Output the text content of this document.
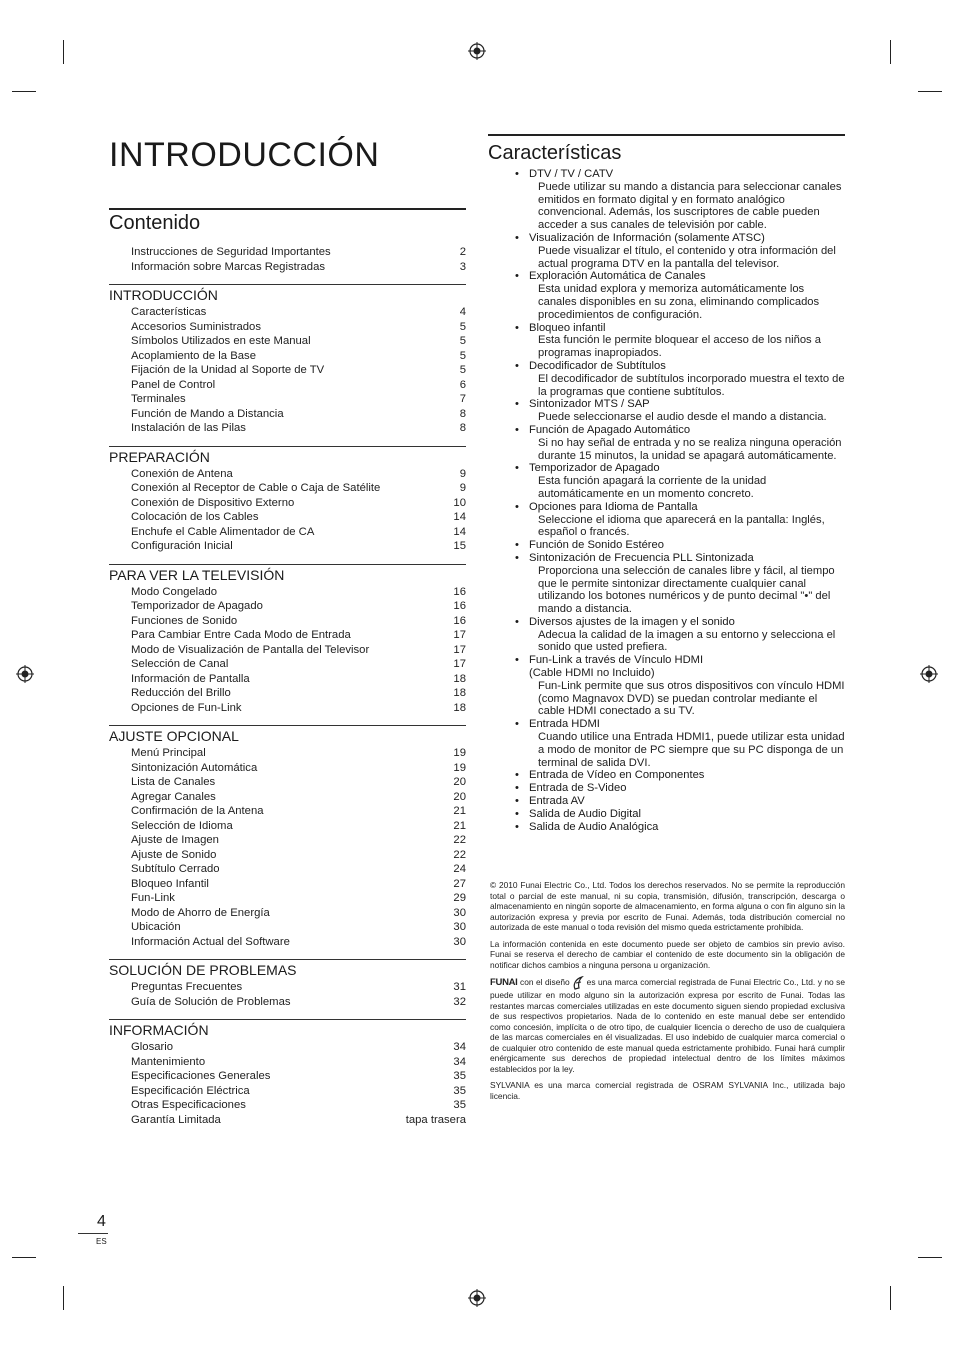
INTRODUCCIÓN
Contenido
Instrucciones de Seguridad Importantes	2
Información sobre Marcas Registradas	3
INTRODUCCIÓN
Características	4
Accesorios Suministrados	5
Símbolos Utilizados en este Manual	5
Acoplamiento de la Base	5
Fijación de la Unidad al Soporte de TV	5
Panel de Control	6
Terminales	7
Función de Mando a Distancia	8
Instalación de las Pilas	8
PREPARACIÓN
Conexión de Antena	9
Conexión al Receptor de Cable o Caja de Satélite	9
Conexión de Dispositivo Externo	10
Colocación de los Cables	14
Enchufe el Cable Alimentador de CA	14
Configuración Inicial	15
PARA VER LA TELEVISIÓN
Modo Congelado	16
Temporizador de Apagado	16
Funciones de Sonido	16
Para Cambiar Entre Cada Modo de Entrada	17
Modo de Visualización de Pantalla del Televisor	17
Selección de Canal	17
Información de Pantalla	18
Reducción del Brillo	18
Opciones de Fun-Link	18
AJUSTE OPCIONAL
Menú Principal	19
Sintonización Automática	19
Lista de Canales	20
Agregar Canales	20
Confirmación de la Antena	21
Selección de Idioma	21
Ajuste de Imagen	22
Ajuste de Sonido	22
Subtítulo Cerrado	24
Bloqueo Infantil	27
Fun-Link	29
Modo de Ahorro de Energía	30
Ubicación	30
Información Actual del Software	30
SOLUCIÓN DE PROBLEMAS
Preguntas Frecuentes	31
Guía de Solución de Problemas	32
INFORMACIÓN
Glosario	34
Mantenimiento	34
Especificaciones Generales	35
Especificación Eléctrica	35
Otras Especificaciones	35
Garantía Limitada	tapa trasera
Características
• DTV / TV / CATV
Puede utilizar su mando a distancia para seleccionar canales emitidos en formato digital y en formato analógico convencional. Además, los suscriptores de cable pueden acceder a sus canales de televisión por cable.
• Visualización de Información (solamente ATSC)
Puede visualizar el título, el contenido y otra información del actual programa DTV en la pantalla del televisor.
• Exploración Automática de Canales
Esta unidad explora y memoriza automáticamente los canales disponibles en su zona, eliminando complicados procedimientos de configuración.
• Bloqueo infantil
Esta función le permite bloquear el acceso de los niños a programas inapropiados.
• Decodificador de Subtítulos
El decodificador de subtítulos incorporado muestra el texto de la programas que contiene subtítulos.
• Sintonizador MTS / SAP
Puede seleccionarse el audio desde el mando a distancia.
• Función de Apagado Automático
Si no hay señal de entrada y no se realiza ninguna operación durante 15 minutos, la unidad se apagará automáticamente.
• Temporizador de Apagado
Esta función apagará la corriente de la unidad automáticamente en un momento concreto.
• Opciones para Idioma de Pantalla
Seleccione el idioma que aparecerá en la pantalla: Inglés, español o francés.
• Función de Sonido Estéreo
• Sintonización de Frecuencia PLL Sintonizada
Proporciona una selección de canales libre y fácil, al tiempo que le permite sintonizar directamente cualquier canal utilizando los botones numéricos y de punto decimal "•" del mando a distancia.
• Diversos ajustes de la imagen y el sonido
Adecua la calidad de la imagen a su entorno y selecciona el sonido que usted prefiera.
• Fun-Link a través de Vínculo HDMI
(Cable HDMI no Incluido)
Fun-Link permite que sus otros dispositivos con vínculo HDMI (como Magnavox DVD) se puedan controlar mediante el cable HDMI conectado a su TV.
• Entrada HDMI
Cuando utilice una Entrada HDMI1, puede utilizar esta unidad a modo de monitor de PC siempre que su PC disponga de un terminal de salida DVI.
• Entrada de Vídeo en Componentes
• Entrada de S-Video
• Entrada AV
• Salida de Audio Digital
• Salida de Audio Analógica

© 2010 Funai Electric Co., Ltd. Todos los derechos reservados. No se permite la reproducción total o parcial de este manual, ni su copia, transmisión, difusión, transcripción, descarga o almacenamiento en ningún soporte de almacenamiento, en forma alguna o con fin alguno sin la autorización expresa y previa por escrito de Funai. Además, toda distribución comercial no autorizada de este manual o toda revisión del mismo queda estrictamente prohibida.

La información contenida en este documento puede ser objeto de cambios sin previo aviso. Funai se reserva el derecho de cambiar el contenido de este documento sin la obligación de notificar dichos cambios a ninguna persona u organización.

FUNAI con el diseño es una marca comercial registrada de Funai Electric Co., Ltd. y no se puede utilizar en modo alguno sin la autorización expresa por escrito de Funai. Todas las restantes marcas comerciales utilizadas en este documento siguen siendo propiedad exclusiva de sus respectivos propietarios. Nada de lo contenido en este manual debe ser entendido como concesión, implícita o de otro tipo, de cualquier licencia o derecho de uso de cualquiera de las marcas comerciales en él visualizadas. El uso indebido de cualquier marca comercial o de cualquier otro contenido de este manual queda estrictamente prohibido. Funai hará cumplir enérgicamente sus derechos de propiedad intelectual dentro de los límites máximos establecidos por la ley.

SYLVANIA es una marca comercial registrada de OSRAM SYLVANIA Inc., utilizada bajo licencia.

4
ES
